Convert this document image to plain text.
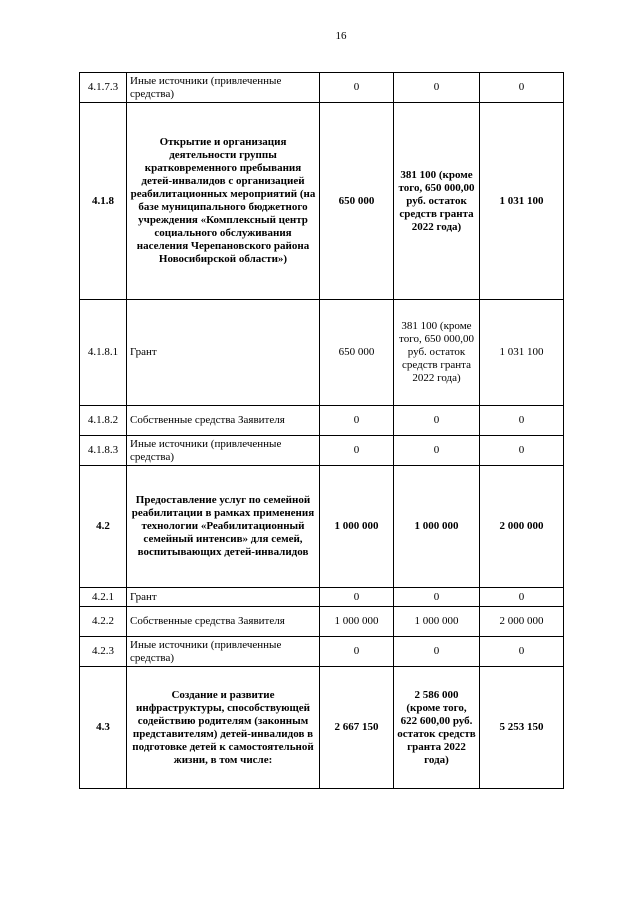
16
4.1.7.3	Иные источники (привлеченные средства)	0	0	0
4.1.8	Открытие и организация деятельности группы кратковременного пребывания детей-инвалидов с организацией реабилитационных мероприятий (на базе муниципального бюджетного учреждения «Комплексный центр социального обслуживания населения Черепановского района Новосибирской области»)	650 000	381 100 (кроме того, 650 000,00 руб. остаток средств гранта 2022 года)	1 031 100
4.1.8.1	Грант	650 000	381 100 (кроме того, 650 000,00 руб. остаток средств гранта 2022 года)	1 031 100
4.1.8.2	Собственные средства Заявителя	0	0	0
4.1.8.3	Иные источники (привлеченные средства)	0	0	0
4.2	Предоставление услуг по семейной реабилитации в рамках применения технологии «Реабилитационный семейный интенсив» для семей, воспитывающих детей-инвалидов	1 000 000	1 000 000	2 000 000
4.2.1	Грант	0	0	0
4.2.2	Собственные средства Заявителя	1 000 000	1 000 000	2 000 000
4.2.3	Иные источники (привлеченные средства)	0	0	0
4.3	Создание и развитие инфраструктуры, способствующей содействию родителям (законным представителям) детей-инвалидов в подготовке детей к самостоятельной жизни, в том числе:	2 667 150	2 586 000 (кроме того, 622 600,00 руб. остаток средств гранта 2022 года)	5 253 150
